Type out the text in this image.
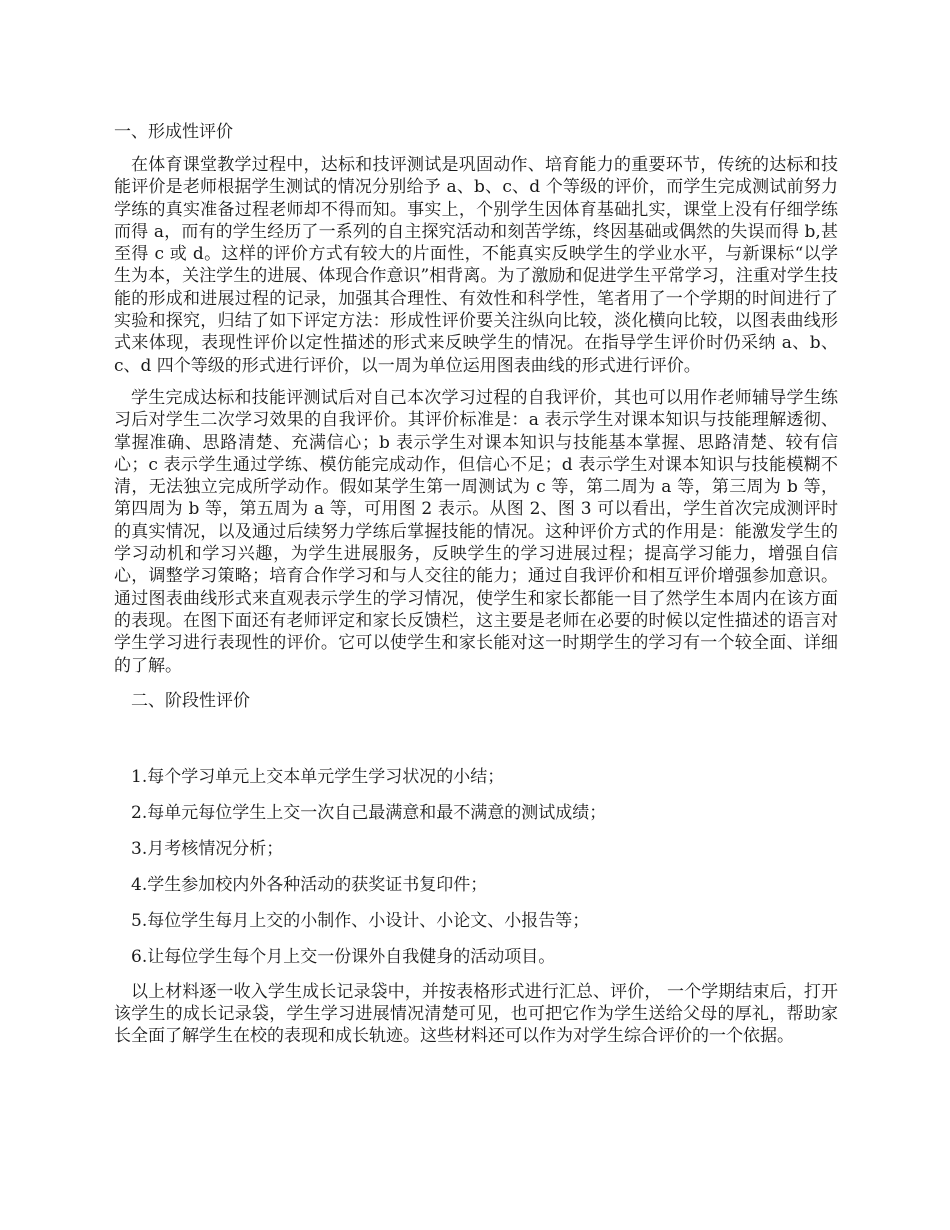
一、形成性评价

在体育课堂教学过程中，达标和技评测试是巩固动作、培育能力的重要环节，传统的达标和技能评价是老师根据学生测试的情况分别给予 a、b、c、d 个等级的评价，而学生完成测试前努力学练的真实准备过程老师却不得而知。事实上，个别学生因体育基础扎实，课堂上没有仔细学练而得 a，而有的学生经历了一系列的自主探究活动和刻苦学练，终因基础或偶然的失误而得 b,甚至得 c 或 d。这样的评价方式有较大的片面性，不能真实反映学生的学业水平，与新课标“以学生为本，关注学生的进展、体现合作意识”相背离。为了激励和促进学生平常学习，注重对学生技能的形成和进展过程的记录，加强其合理性、有效性和科学性，笔者用了一个学期的时间进行了实验和探究，归结了如下评定方法：形成性评价要关注纵向比较，淡化横向比较，以图表曲线形式来体现，表现性评价以定性描述的形式来反映学生的情况。在指导学生评价时仍采纳 a、b、c、d 四个等级的形式进行评价，以一周为单位运用图表曲线的形式进行评价。

学生完成达标和技能评测试后对自己本次学习过程的自我评价，其也可以用作老师辅导学生练习后对学生二次学习效果的自我评价。其评价标准是：a 表示学生对课本知识与技能理解透彻、掌握准确、思路清楚、充满信心；b 表示学生对课本知识与技能基本掌握、思路清楚、较有信心；c 表示学生通过学练、模仿能完成动作，但信心不足；d 表示学生对课本知识与技能模糊不清，无法独立完成所学动作。假如某学生第一周测试为 c 等，第二周为 a 等，第三周为 b 等，第四周为 b 等，第五周为 a 等，可用图 2 表示。从图 2、图 3 可以看出，学生首次完成测评时的真实情况，以及通过后续努力学练后掌握技能的情况。这种评价方式的作用是：能激发学生的学习动机和学习兴趣，为学生进展服务，反映学生的学习进展过程；提高学习能力，增强自信心，调整学习策略；培育合作学习和与人交往的能力；通过自我评价和相互评价增强参加意识。通过图表曲线形式来直观表示学生的学习情况，使学生和家长都能一目了然学生本周内在该方面的表现。在图下面还有老师评定和家长反馈栏，这主要是老师在必要的时候以定性描述的语言对学生学习进行表现性的评价。它可以使学生和家长能对这一时期学生的学习有一个较全面、详细的了解。

二、阶段性评价

1.每个学习单元上交本单元学生学习状况的小结；

2.每单元每位学生上交一次自己最满意和最不满意的测试成绩；

3.月考核情况分析；

4.学生参加校内外各种活动的获奖证书复印件；

5.每位学生每月上交的小制作、小设计、小论文、小报告等；

6.让每位学生每个月上交一份课外自我健身的活动项目。

以上材料逐一收入学生成长记录袋中，并按表格形式进行汇总、评价， 一个学期结束后，打开该学生的成长记录袋，学生学习进展情况清楚可见，也可把它作为学生送给父母的厚礼，帮助家长全面了解学生在校的表现和成长轨迹。这些材料还可以作为对学生综合评价的一个依据。
